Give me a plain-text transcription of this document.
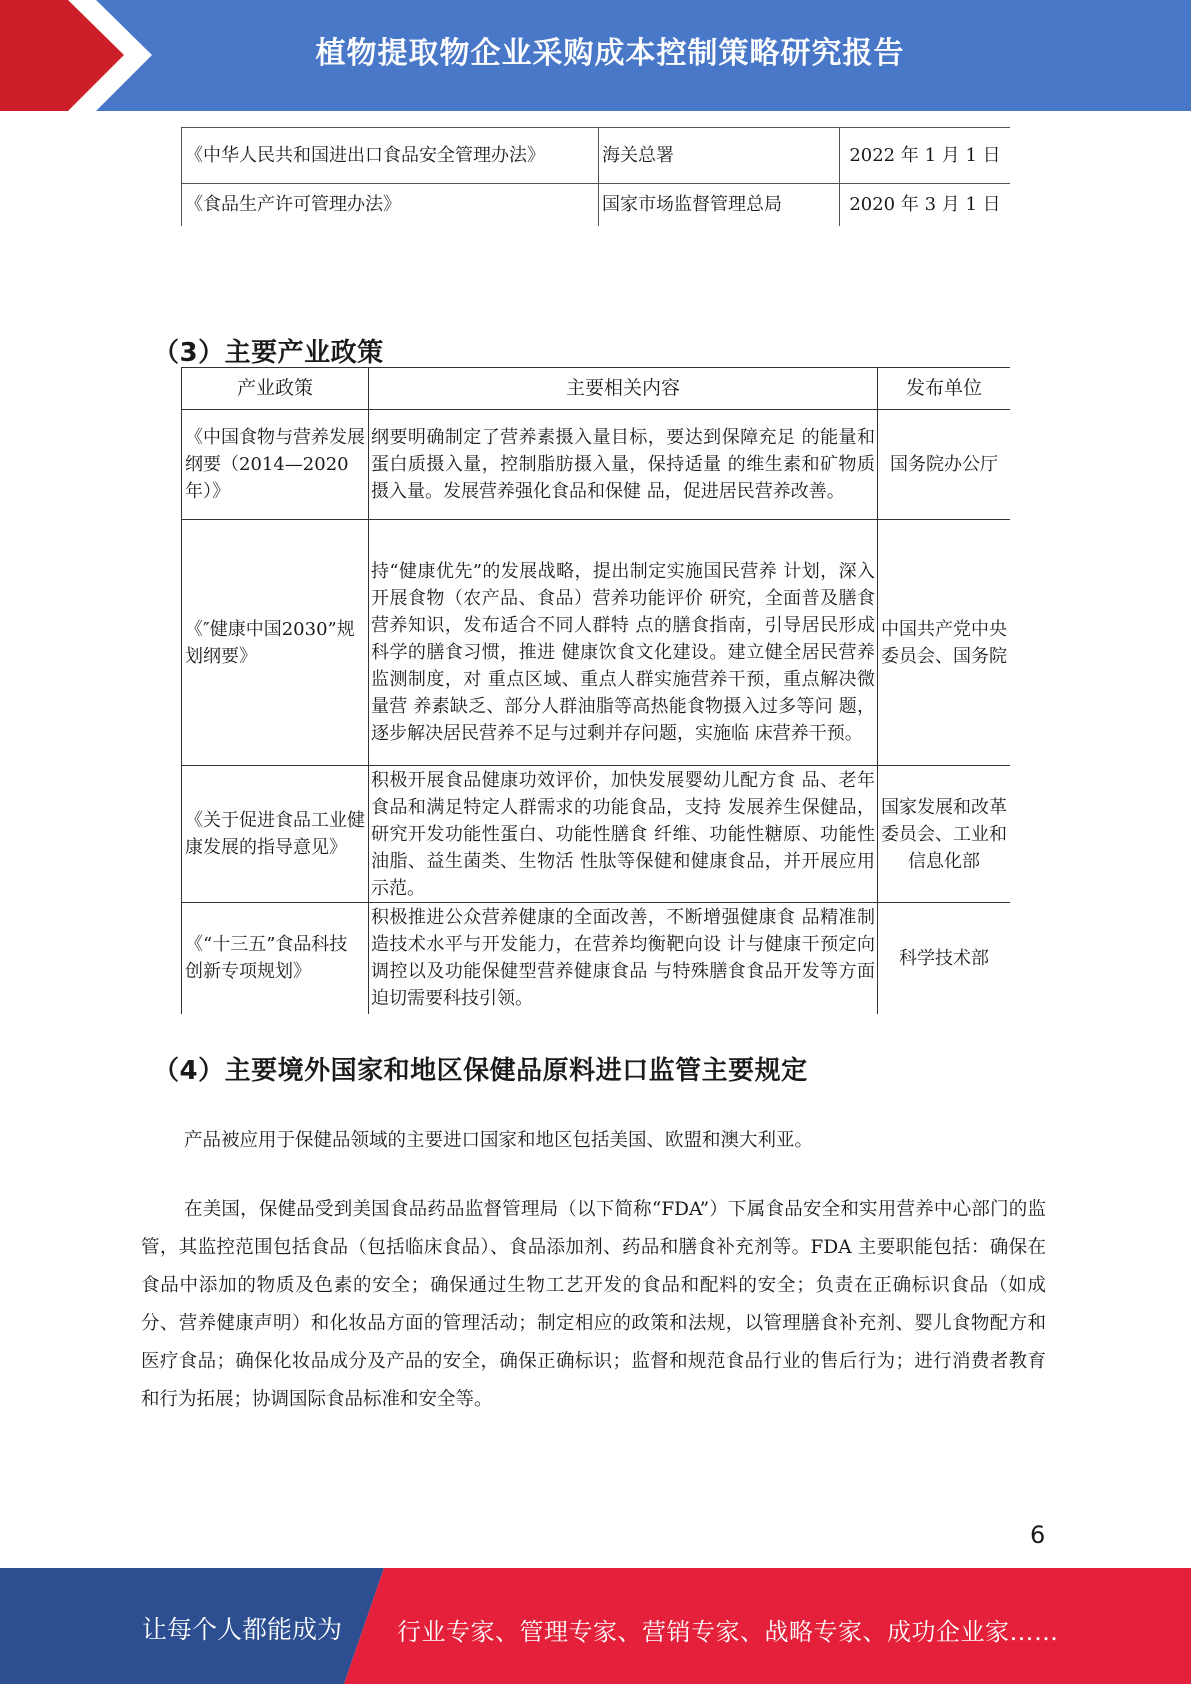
植物提取物企业采购成本控制策略研究报告
《中华人民共和国进出口食品安全管理办法》	海关总署	2022 年 1 月 1 日
《食品生产许可管理办法》	国家市场监督管理总局	2020 年 3 月 1 日
（3）主要产业政策
产业政策	主要相关内容	发布单位
《中国食物与营养发展纲要（2014—2020 年）》	纲要明确制定了营养素摄入量目标，要达到保障充足 的能量和蛋白质摄入量，控制脂肪摄入量，保持适量 的维生素和矿物质摄入量。发展营养强化食品和保健 品，促进居民营养改善。	国务院办公厅
《″健康中国2030”规划纲要》	持“健康优先”的发展战略，提出制定实施国民营养 计划，深入开展食物（农产品、食品）营养功能评价 研究，全面普及膳食营养知识，发布适合不同人群特 点的膳食指南，引导居民形成科学的膳食习惯，推进 健康饮食文化建设。建立健全居民营养监测制度，对 重点区域、重点人群实施营养干预，重点解决微量营 养素缺乏、部分人群油脂等高热能食物摄入过多等问 题，逐步解决居民营养不足与过剩并存问题，实施临 床营养干预。	中国共产党中央委员会、国务院
《关于促进食品工业健康发展的指导意见》	积极开展食品健康功效评价，加快发展婴幼儿配方食 品、老年食品和满足特定人群需求的功能食品，支持 发展养生保健品，研究开发功能性蛋白、功能性膳食 纤维、功能性糖原、功能性油脂、益生菌类、生物活 性肽等保健和健康食品，并开展应用示范。	国家发展和改革委员会、工业和信息化部
《“十三五”食品科技创新专项规划》	积极推进公众营养健康的全面改善，不断增强健康食 品精准制造技术水平与开发能力，在营养均衡靶向设 计与健康干预定向调控以及功能保健型营养健康食品 与特殊膳食食品开发等方面迫切需要科技引领。	科学技术部
（4）主要境外国家和地区保健品原料进口监管主要规定

产品被应用于保健品领域的主要进口国家和地区包括美国、欧盟和澳大利亚。

在美国，保健品受到美国食品药品监督管理局（以下简称“FDA”）下属食品安全和实用营养中心部门的监管，其监控范围包括食品（包括临床食品）、食品添加剂、药品和膳食补充剂等。FDA 主要职能包括：确保在食品中添加的物质及色素的安全；确保通过生物工艺开发的食品和配料的安全；负责在正确标识食品（如成分、营养健康声明）和化妆品方面的管理活动；制定相应的政策和法规，以管理膳食补充剂、婴儿食物配方和医疗食品；确保化妆品成分及产品的安全，确保正确标识；监督和规范食品行业的售后行为；进行消费者教育和行为拓展；协调国际食品标准和安全等。

6
让每个人都能成为 行业专家、管理专家、营销专家、战略专家、成功企业家……
